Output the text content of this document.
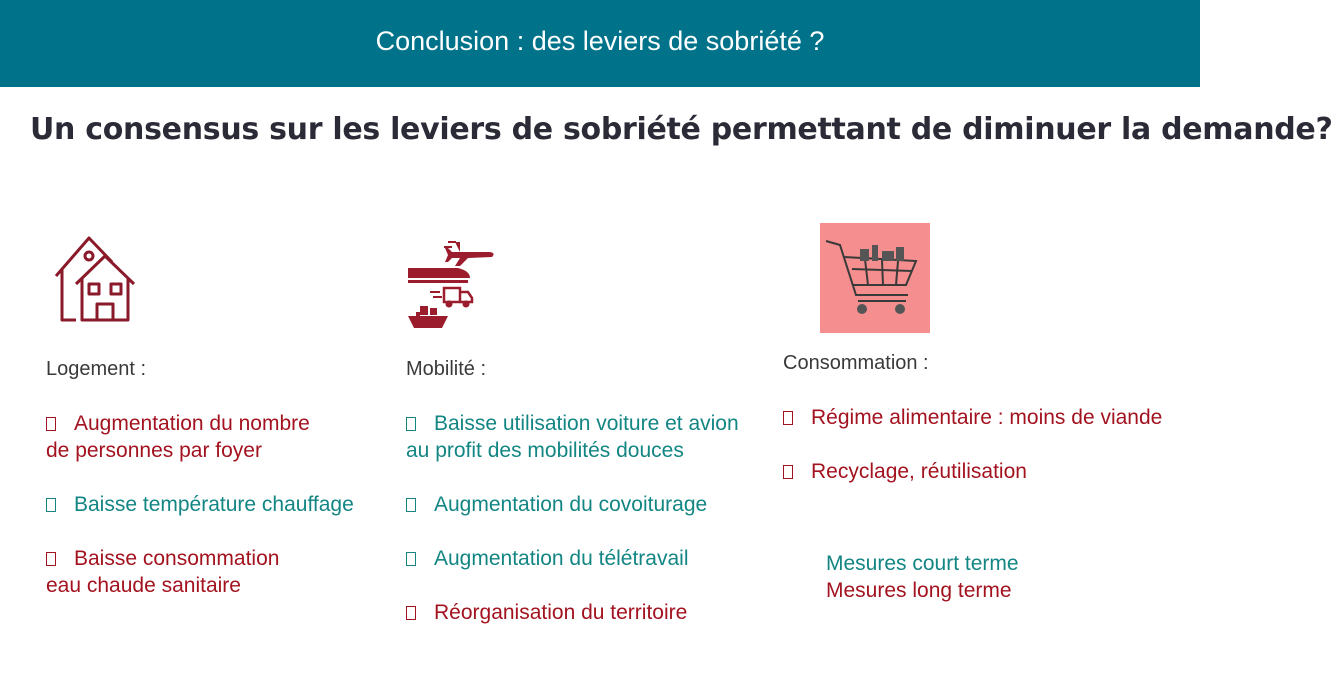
Conclusion : des leviers de sobriété ?
Un consensus sur les leviers de sobriété permettant de diminuer la demande?
Logement :
Augmentation du nombre
de personnes par foyer
Baisse température chauffage
Baisse consommation
eau chaude sanitaire
Mobilité :
Baisse utilisation voiture et avion
au profit des mobilités douces
Augmentation du covoiturage
Augmentation du télétravail
Réorganisation du territoire
Consommation :
Régime alimentaire : moins de viande
Recyclage, réutilisation
Mesures court terme
Mesures long terme
